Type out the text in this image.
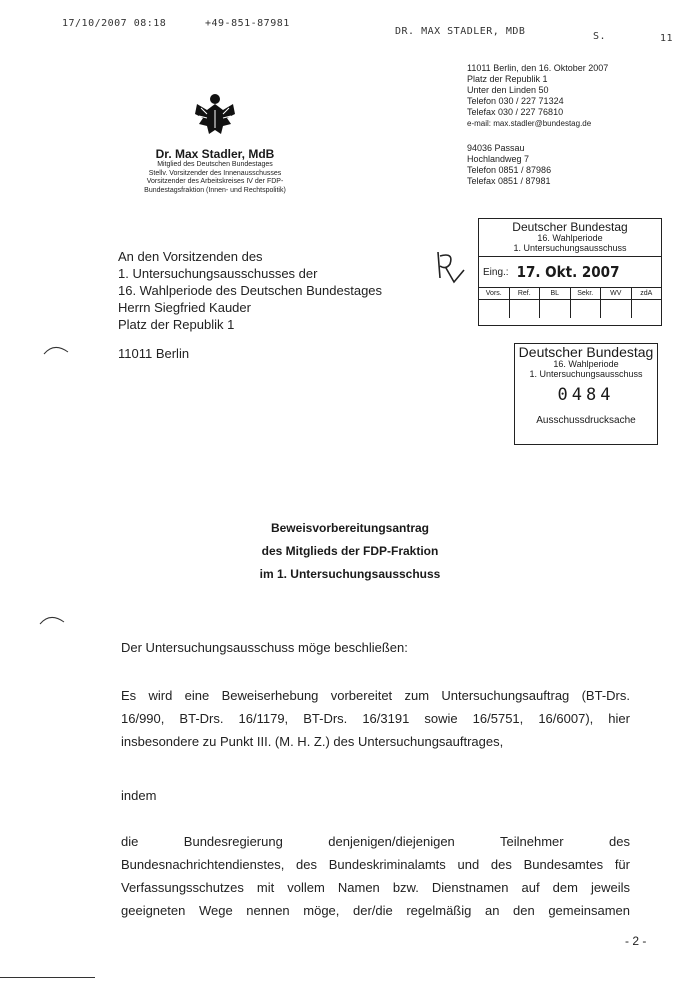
17/10/2007 08:18	+49-851-87981
DR. MAX STADLER, MDB	S.	11
Dr. Max Stadler, MdB
Mitglied des Deutschen Bundestages
Stellv. Vorsitzender des Innenausschusses
Vorsitzender des Arbeitskreises IV der FDP-
Bundestagsfraktion (Innen- und Rechtspolitik)
11011 Berlin, den 16. Oktober 2007
Platz der Republik 1
Unter den Linden 50
Telefon 030 / 227 71324
Telefax 030 / 227 76810
e-mail: max.stadler@bundestag.de
94036 Passau
Hochlandweg 7
Telefon 0851 / 87986
Telefax 0851 / 87981
An den Vorsitzenden des
1. Untersuchungsausschusses der
16. Wahlperiode des Deutschen Bundestages
Herrn Siegfried Kauder
Platz der Republik 1
11011 Berlin
Deutscher Bundestag
16. Wahlperiode
1. Untersuchungsausschuss
Eing.: 17. Okt. 2007
Vors.	Ref.	BL	Sekr.	WV	zdA
Deutscher Bundestag
16. Wahlperiode
1. Untersuchungsausschuss
0484
Ausschussdrucksache
Beweisvorbereitungsantrag
des Mitglieds der FDP-Fraktion
im 1. Untersuchungsausschuss
Der Untersuchungsausschuss möge beschließen:
Es wird eine Beweiserhebung vorbereitet zum Untersuchungsauftrag (BT-Drs.
16/990, BT-Drs. 16/1179, BT-Drs. 16/3191 sowie 16/5751, 16/6007), hier
insbesondere zu Punkt III. (M. H. Z.) des Untersuchungsauftrages,
indem
die Bundesregierung denjenigen/diejenigen Teilnehmer des
Bundesnachrichtendienstes, des Bundeskriminalamts und des Bundesamtes für
Verfassungsschutzes mit vollem Namen bzw. Dienstnamen auf dem jeweils
geeigneten Wege nennen möge, der/die regelmäßig an den gemeinsamen
- 2 -
